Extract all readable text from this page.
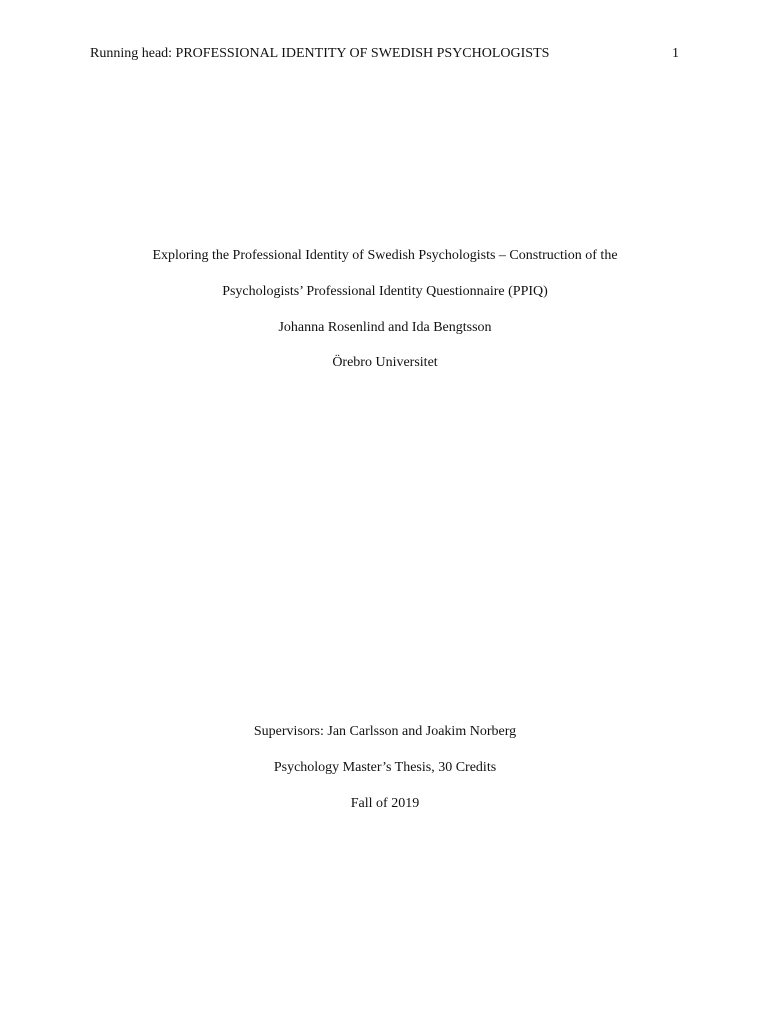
Running head: PROFESSIONAL IDENTITY OF SWEDISH PSYCHOLOGISTS	1
Exploring the Professional Identity of Swedish Psychologists – Construction of the
Psychologists’ Professional Identity Questionnaire (PPIQ)
Johanna Rosenlind and Ida Bengtsson
Örebro Universitet
Supervisors: Jan Carlsson and Joakim Norberg
Psychology Master’s Thesis, 30 Credits
Fall of 2019
